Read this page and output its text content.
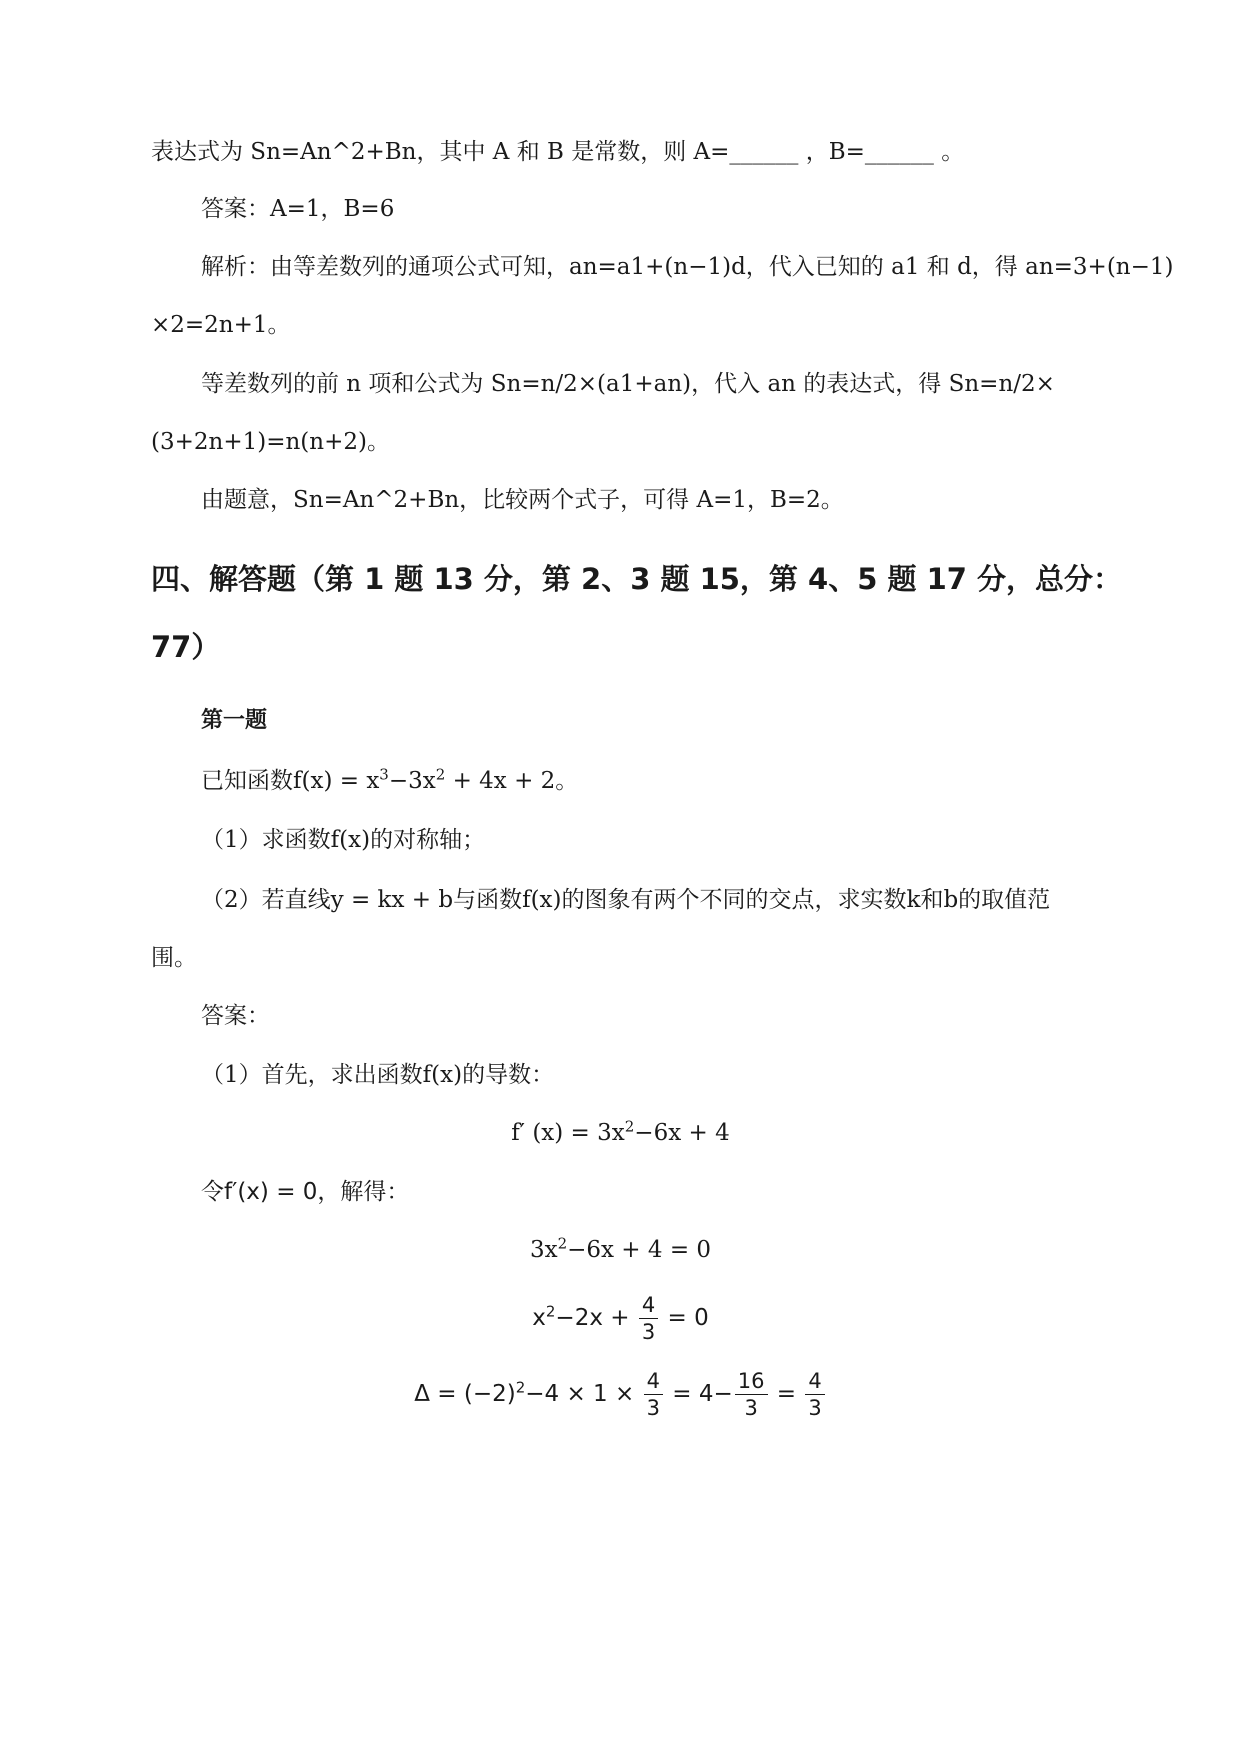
表达式为 Sn=An^2+Bn，其中 A 和 B 是常数，则 A=______ ，B=______ 。
答案：A=1，B=6
解析：由等差数列的通项公式可知，an=a1+(n−1)d，代入已知的 a1 和 d，得 an=3+(n−1)
×2=2n+1。
等差数列的前 n 项和公式为 Sn=n/2×(a1+an)，代入 an 的表达式，得 Sn=n/2×
(3+2n+1)=n(n+2)。
由题意，Sn=An^2+Bn，比较两个式子，可得 A=1，B=2。
四、解答题（第 1 题 13 分，第 2、3 题 15，第 4、5 题 17 分，总分：
77）
第一题
已知函数$f(x) = x^3-3x^2 + 4x + 2$。
（1）求函数f(x)的对称轴；
（2）若直线y = kx + b与函数f(x)的图象有两个不同的交点，求实数k和b的取值范
围。
答案：
（1）首先，求出函数f(x)的导数：
f′ $(x) = 3x^2-6x + 4$
令f′(x) = 0，解得：
$3x^2-6x + 4 = 0$
$x^2-2x + \frac{4}{3} = 0$
$\Delta = (-2)^2-4 \times 1 \times \frac{4}{3} = 4- \frac{16}{3} = \frac{4}{3}$
